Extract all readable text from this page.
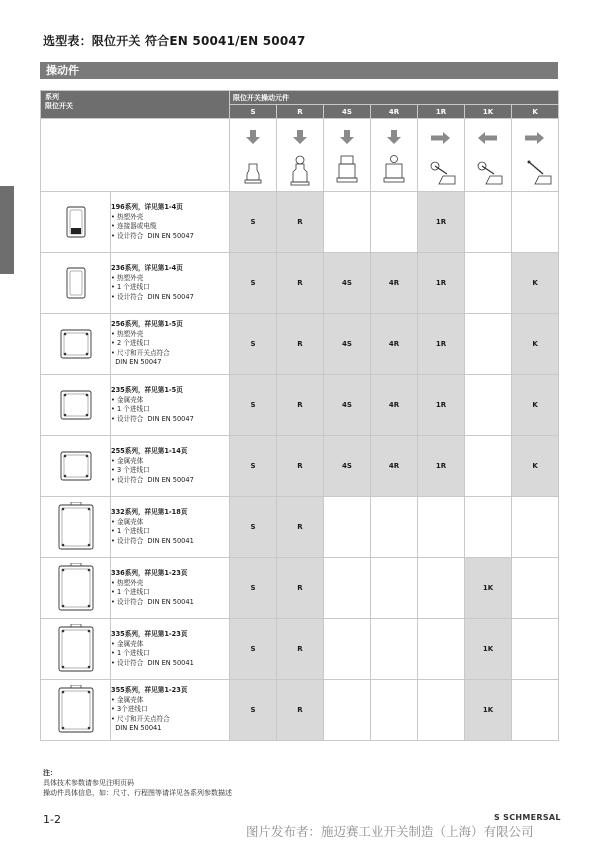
选型表：限位开关 符合EN 50041/EN 50047
操动件
系列
限位开关		限位开关操动元件						
		S	R	4S	4R	1R	1K	K

196系列，详见第1-4页
• 热塑外壳
• 连接器或电缆
• 设计符合  DIN EN 50047	S	R			1R		

236系列，详见第1-4页
• 热塑外壳
• 1 个进线口
• 设计符合  DIN EN 50047	S	R	4S	4R	1R		K

256系列，祥见第1-5页
• 热塑外壳
• 2 个进线口
• 尺寸和开关点符合
DIN EN 50047	S	R	4S	4R	1R		K

235系列，祥见第1-5页
• 金属壳体
• 1 个进线口
• 设计符合  DIN EN 50047	S	R	4S	4R	1R		K

255系列，祥见第1-14页
• 金属壳体
• 3 个进线口
• 设计符合  DIN EN 50047	S	R	4S	4R	1R		K

332系列，祥见第1-18页
• 金属壳体
• 1 个进线口
• 设计符合  DIN EN 50041	S	R					

336系列，祥见第1-23页
• 热塑外壳
• 1 个进线口
• 设计符合  DIN EN 50041	S	R				1K	

335系列，祥见第1-23页
• 金属壳体
• 1 个进线口
• 设计符合  DIN EN 50041	S	R				1K	

355系列，祥见第1-23页
• 金属壳体
• 3个进线口
• 尺寸和开关点符合
DIN EN 50041	S	R				1K	
注：
具体技术参数请参见注明页码
操动件具体信息，如：尺寸、行程图等请详见各系列参数描述
1-2	S SCHMERSAL
图片发布者：施迈赛工业开关制造（上海）有限公司
